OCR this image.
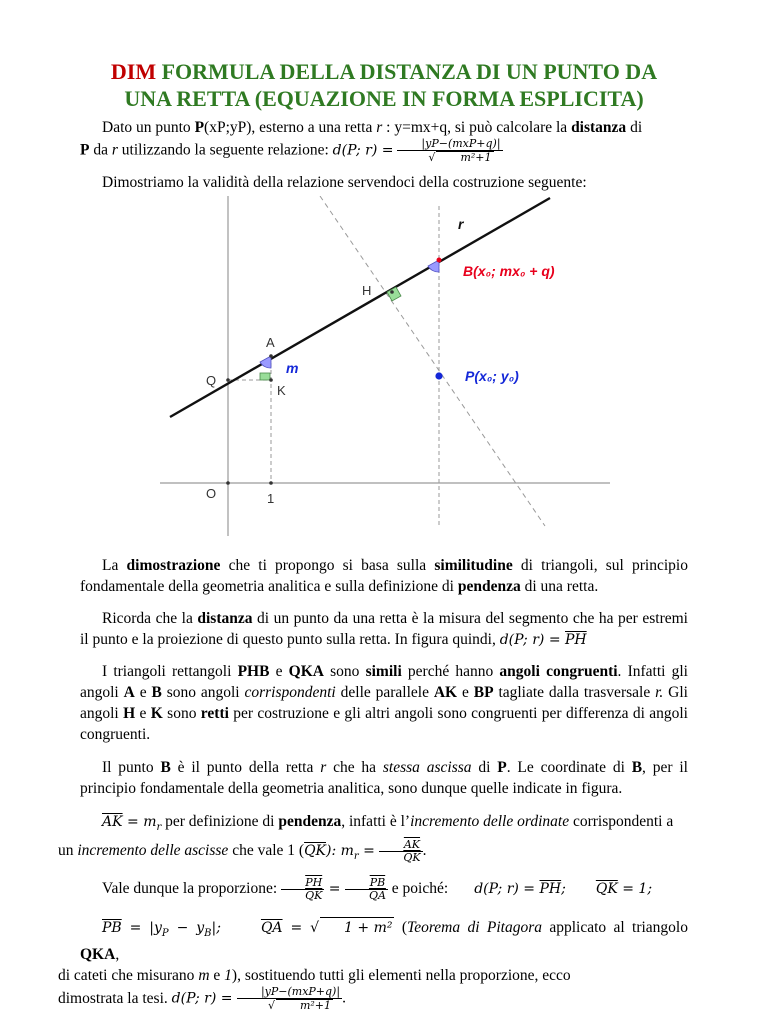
DIM FORMULA DELLA DISTANZA DI UN PUNTO DA
UNA RETTA (EQUAZIONE IN FORMA ESPLICITA)
Dato un punto P(xP;yP), esterno a una retta r : y=mx+q, si può calcolare la distanza di
P da r utilizzando la seguente relazione: d(P; $r) = \frac{\text{|yP−(mxP+q)|}}{\text{√ m²+1}}$
Dimostriamo la validità della relazione servendoci della costruzione seguente:
r
B(x₀; mx₀ + q)
H
A
m
Q
K
P(x₀; y₀)
O	1
La dimostrazione che ti propongo si basa sulla similitudine di triangoli, sul principio fondamentale della geometria analitica e sulla definizione di pendenza di una retta.
Ricorda che la distanza di un punto da una retta è la misura del segmento che ha per estremi il punto e la proiezione di questo punto sulla retta. In figura quindi, d(P; $r) = \overline{PH}$
I triangoli rettangoli PHB e QKA sono simili perché hanno angoli congruenti. Infatti gli angoli A e B sono angoli corrispondenti delle parallele AK e BP tagliate dalla trasversale r. Gli angoli H e K sono retti per costruzione e gli altri angoli sono congruenti per differenza di angoli congruenti.
Il punto B è il punto della retta r che ha stessa ascissa di P. Le coordinate di B, per il principio fondamentale della geometria analitica, sono dunque quelle indicate in figura.
$\overline{AK} = m_r$ per definizione di pendenza, infatti è l’incremento delle ordinate corrispondenti a
un incremento delle ascisse che vale 1 $(\overline{QK})$: $m_r = \frac{\overline{AK}}{QK}$ .
Vale dunque la proporzione: $\frac{\overline{PH}}{QK} = \frac{\overline{PB}}{QA}$ e poiché: d(P; $r) = \overline{PH}$; $\overline{QK} = 1$;
$\overline{PB} = |y_P - y_B|$;	$\overline{QA}$ = √ 1 + m² (Teorema di Pitagora applicato al triangolo QKA,
di cateti che misurano m e 1), sostituendo tutti gli elementi nella proporzione, ecco
dimostrata la tesi. d(P; $r) = \frac{\text{|yP−(mxP+q)|}}{\text{√ m²+1}}$ .
